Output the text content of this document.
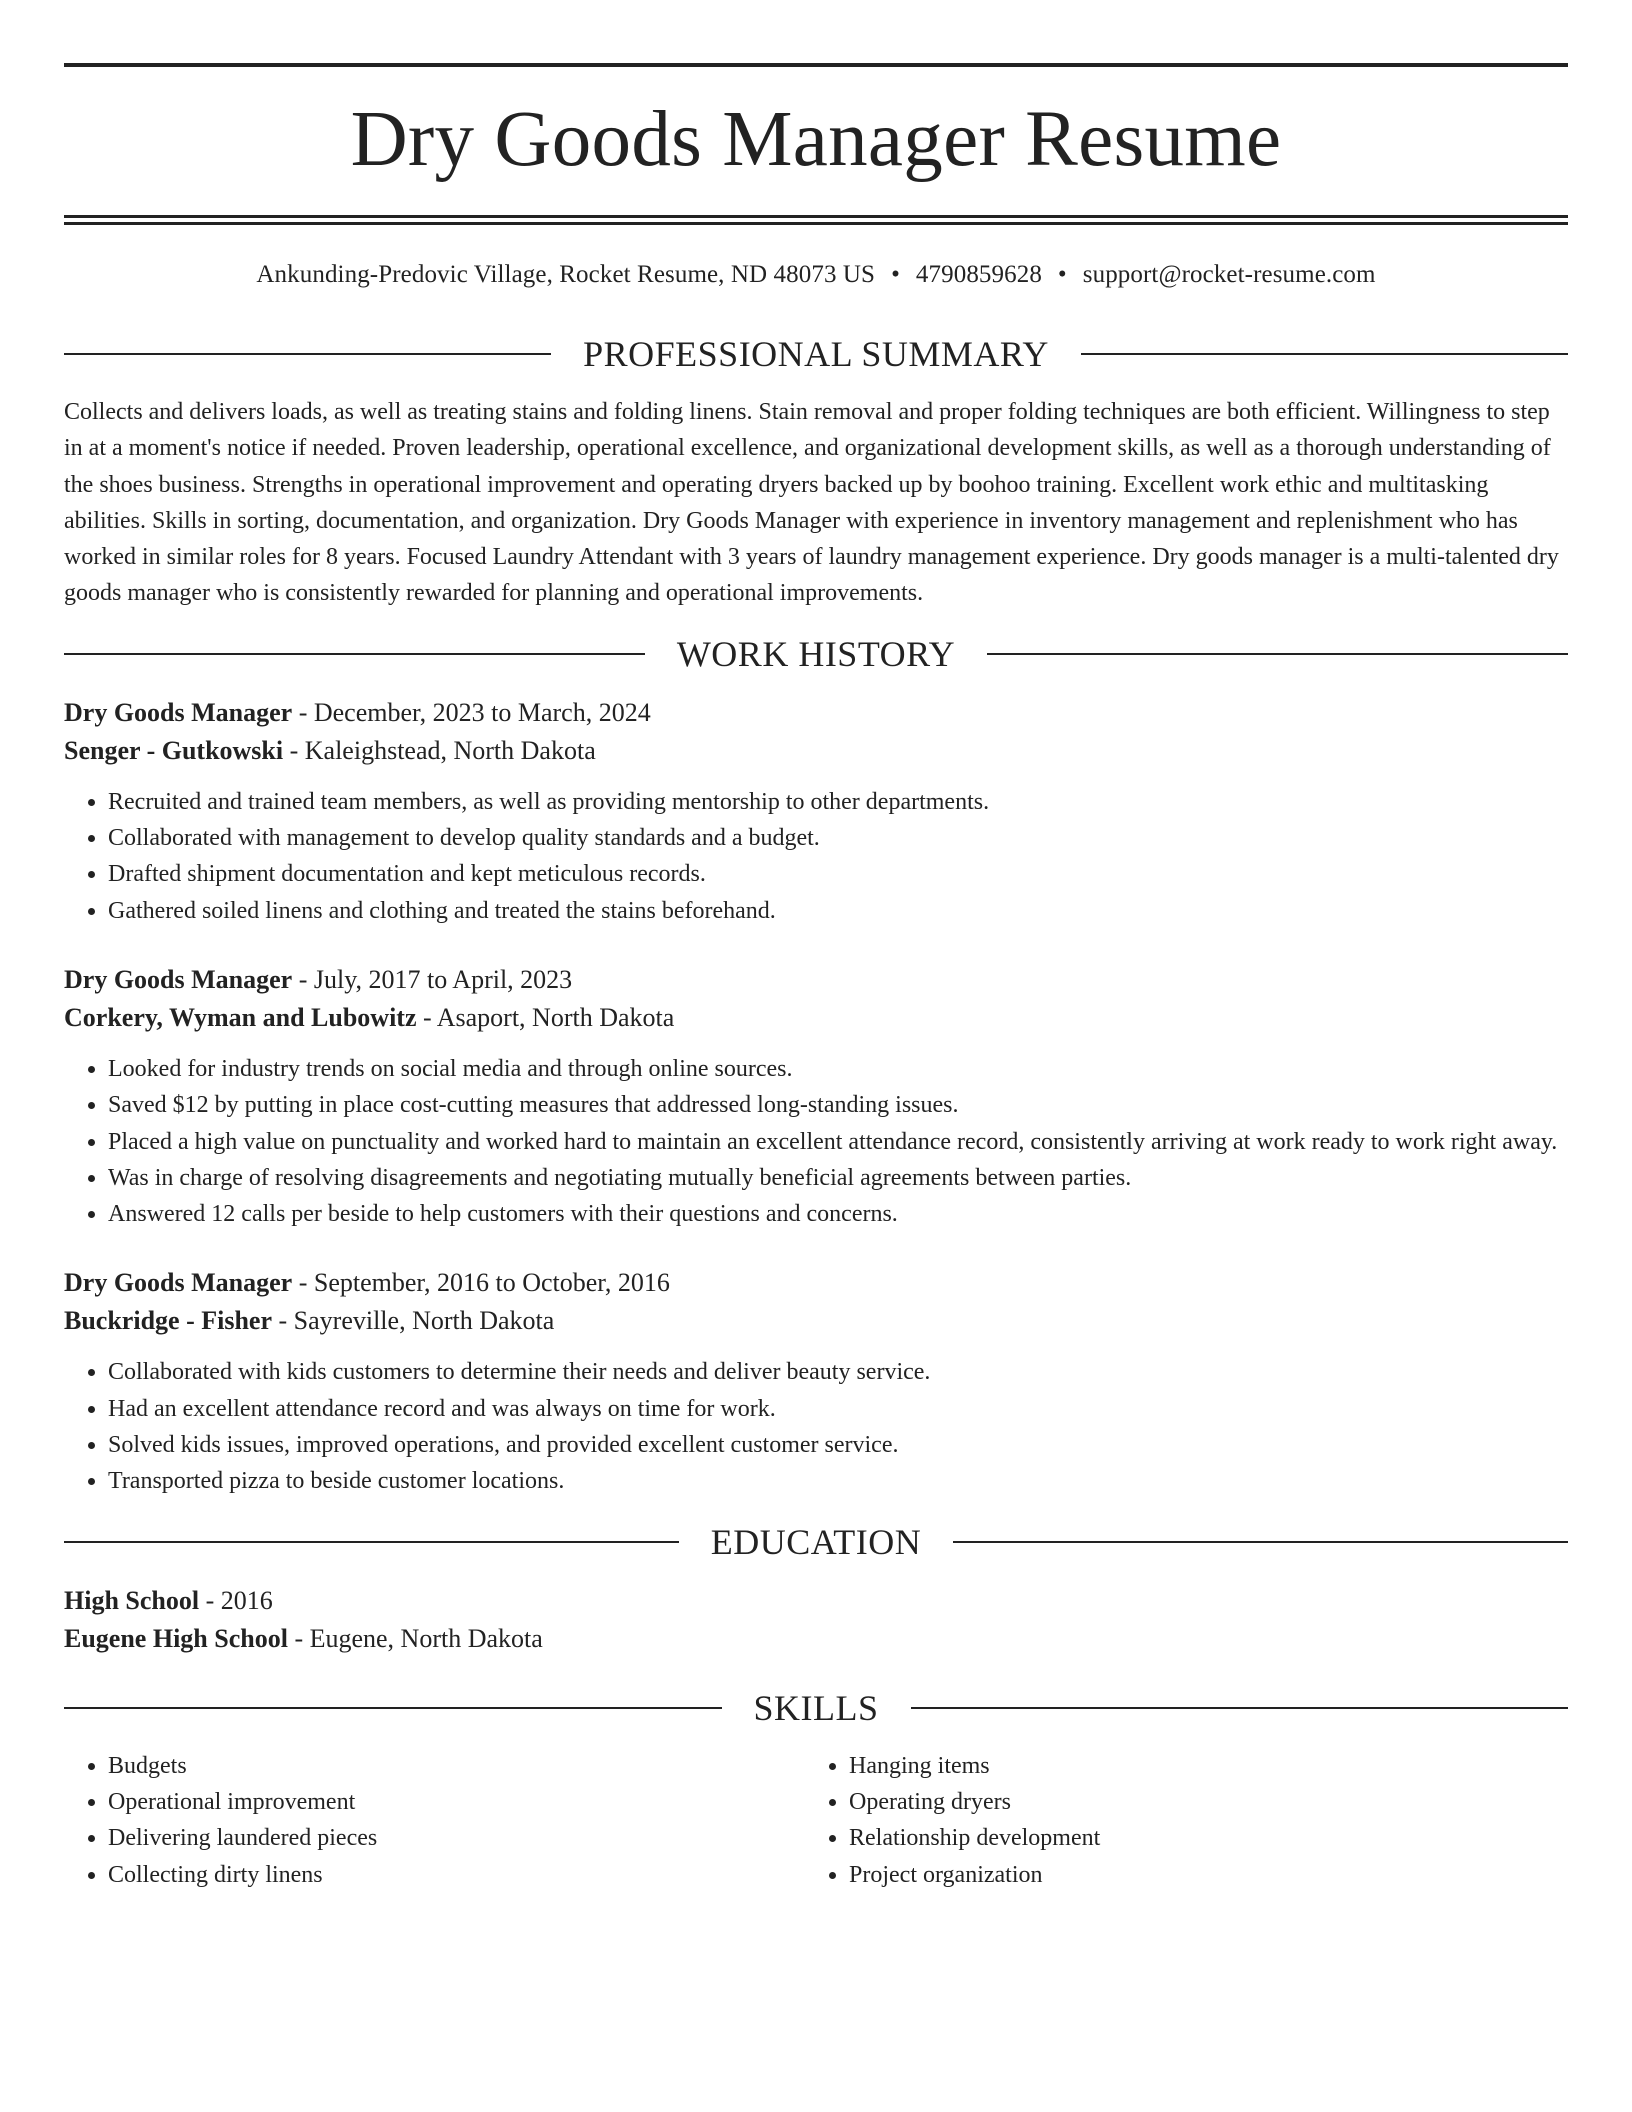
Dry Goods Manager Resume
Ankunding-Predovic Village, Rocket Resume, ND 48073 US • 4790859628 • support@rocket-resume.com
PROFESSIONAL SUMMARY
Collects and delivers loads, as well as treating stains and folding linens. Stain removal and proper folding techniques are both efficient. Willingness to step in at a moment's notice if needed. Proven leadership, operational excellence, and organizational development skills, as well as a thorough understanding of the shoes business. Strengths in operational improvement and operating dryers backed up by boohoo training. Excellent work ethic and multitasking abilities. Skills in sorting, documentation, and organization. Dry Goods Manager with experience in inventory management and replenishment who has worked in similar roles for 8 years. Focused Laundry Attendant with 3 years of laundry management experience. Dry goods manager is a multi-talented dry goods manager who is consistently rewarded for planning and operational improvements.
WORK HISTORY
Dry Goods Manager - December, 2023 to March, 2024
Senger - Gutkowski - Kaleighstead, North Dakota
• Recruited and trained team members, as well as providing mentorship to other departments.
• Collaborated with management to develop quality standards and a budget.
• Drafted shipment documentation and kept meticulous records.
• Gathered soiled linens and clothing and treated the stains beforehand.
Dry Goods Manager - July, 2017 to April, 2023
Corkery, Wyman and Lubowitz - Asaport, North Dakota
• Looked for industry trends on social media and through online sources.
• Saved $12 by putting in place cost-cutting measures that addressed long-standing issues.
• Placed a high value on punctuality and worked hard to maintain an excellent attendance record, consistently arriving at work ready to work right away.
• Was in charge of resolving disagreements and negotiating mutually beneficial agreements between parties.
• Answered 12 calls per beside to help customers with their questions and concerns.
Dry Goods Manager - September, 2016 to October, 2016
Buckridge - Fisher - Sayreville, North Dakota
• Collaborated with kids customers to determine their needs and deliver beauty service.
• Had an excellent attendance record and was always on time for work.
• Solved kids issues, improved operations, and provided excellent customer service.
• Transported pizza to beside customer locations.
EDUCATION
High School - 2016
Eugene High School - Eugene, North Dakota
SKILLS
• Budgets
• Operational improvement
• Delivering laundered pieces
• Collecting dirty linens
• Hanging items
• Operating dryers
• Relationship development
• Project organization
